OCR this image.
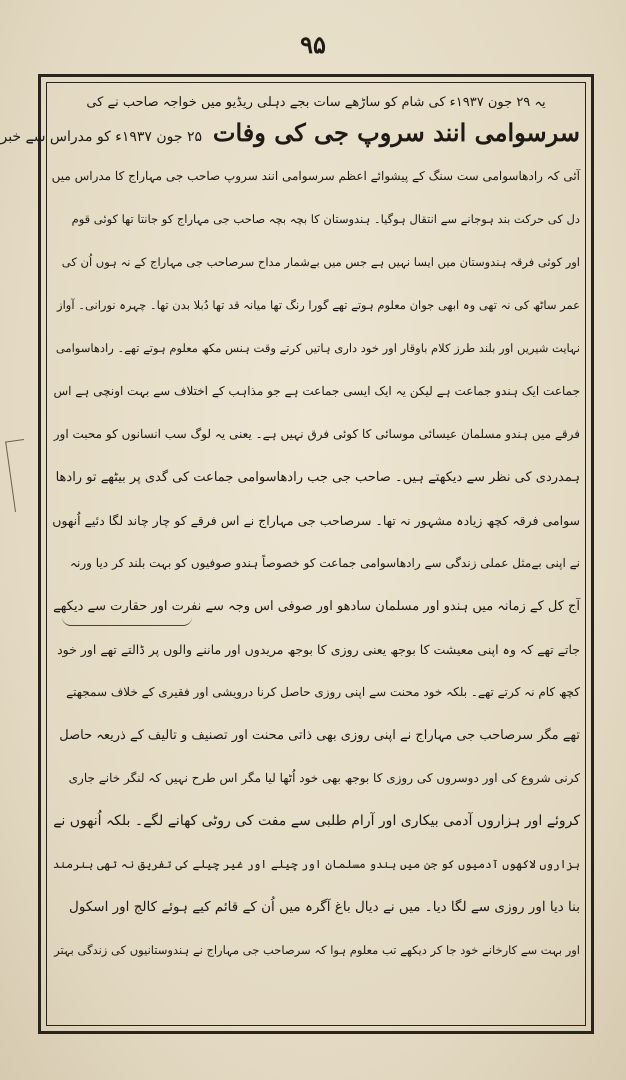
۹۵

یہ ۲۹ جون ۱۹۳۷ء کی شام کو ساڑھے سات بجے دہلی ریڈیو میں خواجہ صاحب نے کی

سرسوامی انند سروپ جی کی وفات ۲۵ جون ۱۹۳۷ء کو مدراس سے خبر

آئی کہ رادھاسوامی ست سنگ کے پیشوائے اعظم سرسوامی انند سروپ صاحب جی مہاراج کا مدراس میں

دل کی حرکت بند ہوجانے سے انتقال ہوگیا۔ ہندوستان کا بچہ بچہ صاحب جی مہاراج کو جانتا تھا کوئی قوم

اور کوئی فرقہ ہندوستان میں ایسا نہیں ہے جس میں بےشمار مداح سرصاحب جی مہاراج کے نہ ہوں اُن کی

عمر ساٹھ کی نہ تھی وہ ابھی جوان معلوم ہوتے تھے گورا رنگ تھا میانہ قد تھا دُبلا بدن تھا۔ چہرہ نورانی۔ آواز

نہایت شیریں اور بلند طرز کلام باوقار اور خود داری ہاتیں کرتے وقت ہنس مکھ معلوم ہوتے تھے۔ رادھاسوامی

جماعت ایک ہندو جماعت ہے لیکن یہ ایک ایسی جماعت ہے جو مذاہب کے اختلاف سے بہت اونچی ہے اس

فرقے میں ہندو مسلمان عیسائی موسائی کا کوئی فرق نہیں ہے۔ یعنی یہ لوگ سب انسانوں کو محبت اور

ہمدردی کی نظر سے دیکھتے ہیں۔ صاحب جی جب رادھاسوامی جماعت کی گدی پر بیٹھے تو رادھا

سوامی فرقہ کچھ زیادہ مشہور نہ تھا۔ سرصاحب جی مہاراج نے اس فرقے کو چار چاند لگا دئیے اُنھوں

نے اپنی بےمثل عملی زندگی سے رادھاسوامی جماعت کو خصوصاً ہندو صوفیوں کو بہت بلند کر دیا ورنہ

آج کل کے زمانہ میں ہندو اور مسلمان سادھو اور صوفی اس وجہ سے نفرت اور حقارت سے دیکھے

جاتے تھے کہ وہ اپنی معیشت کا بوجھ یعنی روزی کا بوجھ مریدوں اور ماننے والوں پر ڈالتے تھے اور خود

کچھ کام نہ کرتے تھے۔ بلکہ خود محنت سے اپنی روزی حاصل کرنا درویشی اور فقیری کے خلاف سمجھتے

تھے مگر سرصاحب جی مہاراج نے اپنی روزی بھی ذاتی محنت اور تصنیف و تالیف کے ذریعہ حاصل

کرنی شروع کی اور دوسروں کی روزی کا بوجھ بھی خود اُٹھا لیا مگر اس طرح نہیں کہ لنگر خانے جاری

کروئے اور ہزاروں آدمی بیکاری اور آرام طلبی سے مفت کی روٹی کھانے لگے۔ بلکہ اُنھوں نے

ہزاروں لاکھوں آدمیوں کو جن میں ہندو مسلمان اور چیلے اور غیر چیلے کی تفریق نہ تھی ہنرمند

بنا دیا اور روزی سے لگا دیا۔ میں نے دیال باغ آگرہ میں اُن کے قائم کیے ہوئے کالج اور اسکول

اور بہت سے کارخانے خود جا کر دیکھے تب معلوم ہوا کہ سرصاحب جی مہاراج نے ہندوستانیوں کی زندگی بہتر
